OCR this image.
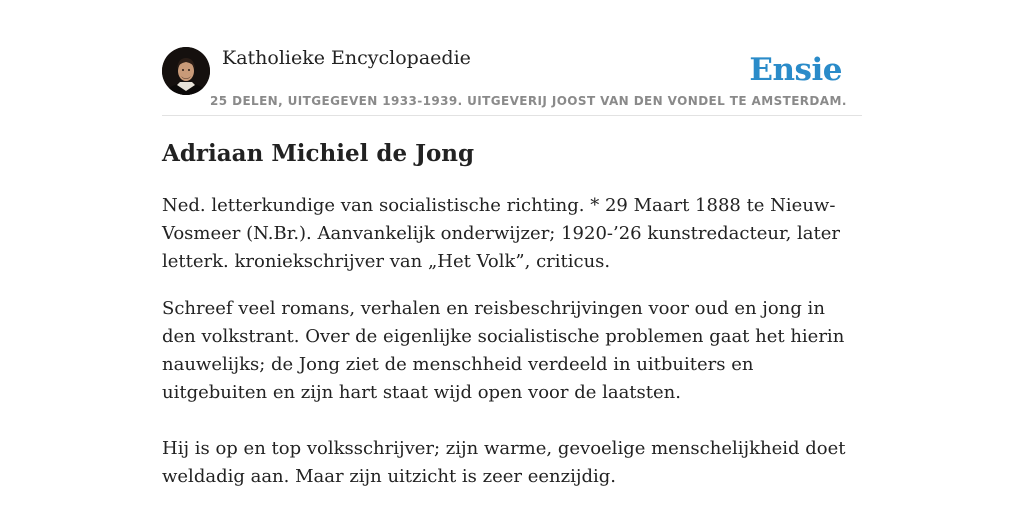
Katholieke Encyclopaedie	Ensie
25 DELEN, UITGEGEVEN 1933-1939. UITGEVERIJ JOOST VAN DEN VONDEL TE AMSTERDAM.
Adriaan Michiel de Jong

Ned. letterkundige van socialistische richting. * 29 Maart 1888 te Nieuw-Vosmeer (N.Br.). Aanvankelijk onderwijzer; 1920-’26 kunstredacteur, later letterk. kroniekschrijver van „Het Volk”, criticus.

Schreef veel romans, verhalen en reisbeschrijvingen voor oud en jong in den volkstrant. Over de eigenlijke socialistische problemen gaat het hierin nauwelijks; de Jong ziet de menschheid verdeeld in uitbuiters en uitgebuiten en zijn hart staat wijd open voor de laatsten.

Hij is op en top volksschrijver; zijn warme, gevoelige menschelijkheid doet weldadig aan. Maar zijn uitzicht is zeer eenzijdig.
